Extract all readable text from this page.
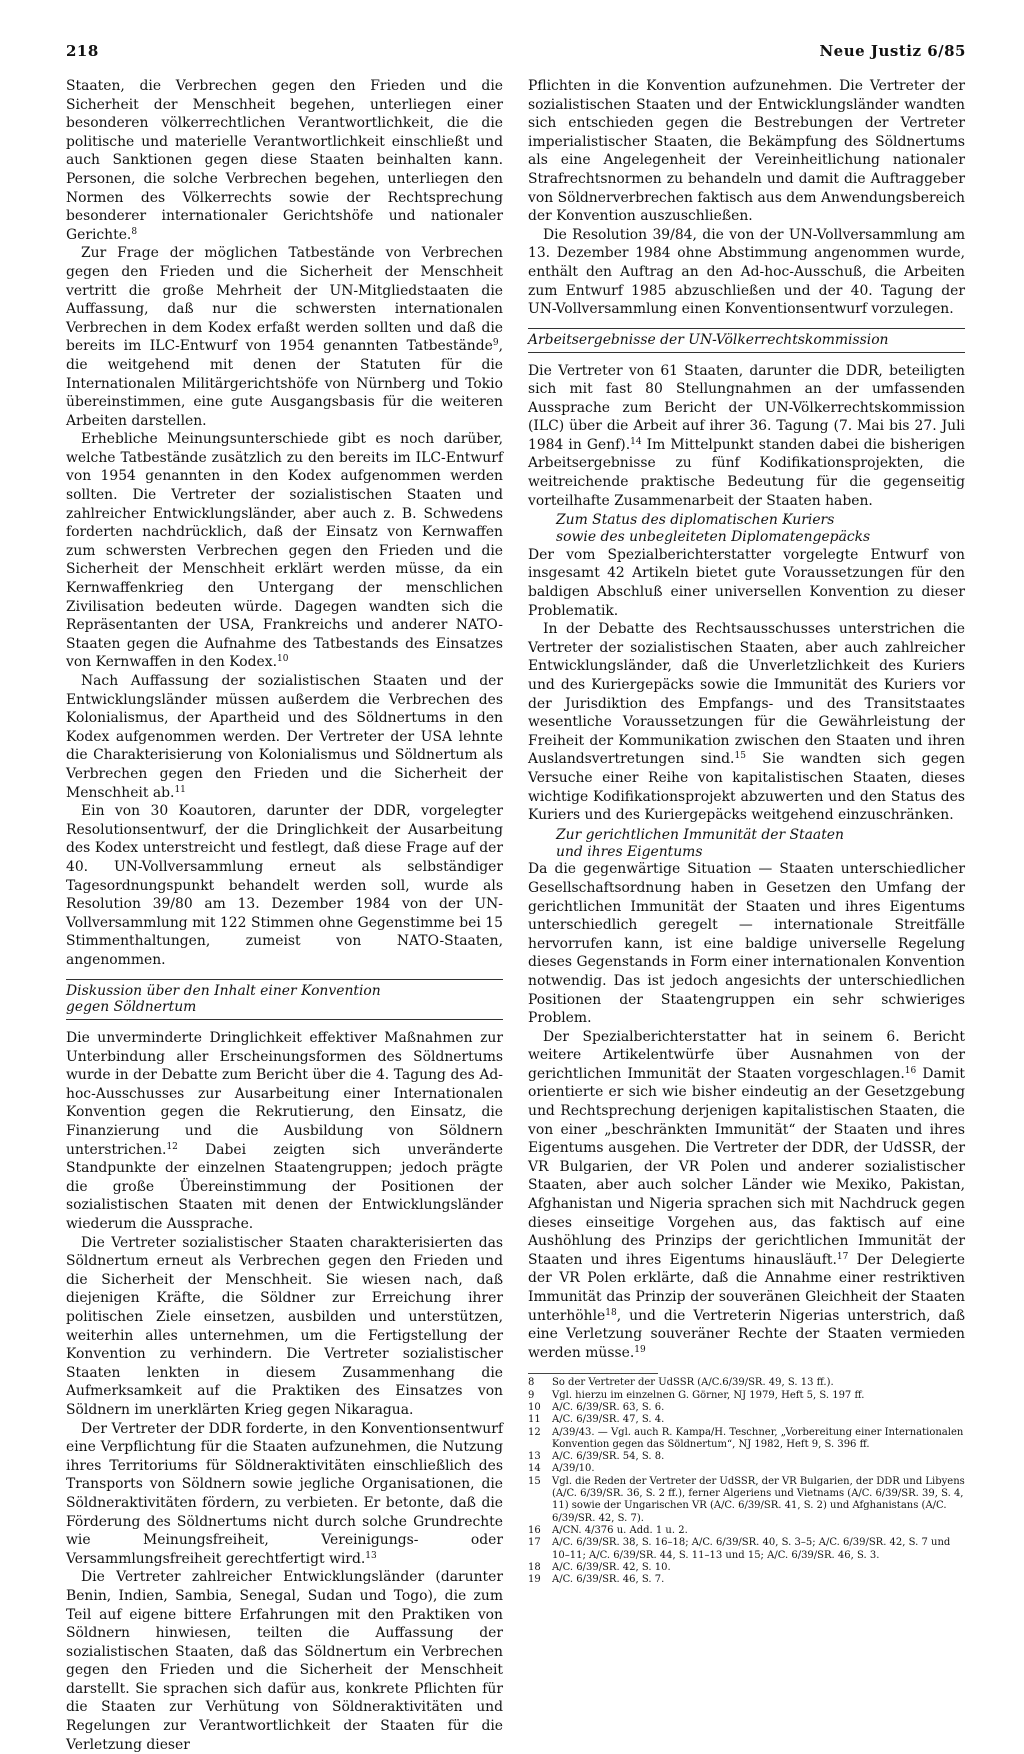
218	Neue Justiz 6/85

Staaten, die Verbrechen gegen den Frieden und die Sicherheit der Menschheit begehen, unterliegen einer besonderen völkerrechtlichen Verantwortlichkeit, die die politische und materielle Verantwortlichkeit einschließt und auch Sanktionen gegen diese Staaten beinhalten kann. Personen, die solche Verbrechen begehen, unterliegen den Normen des Völkerrechts sowie der Rechtsprechung besonderer internationaler Gerichtshöfe und nationaler Gerichte.$^8$

Zur Frage der möglichen Tatbestände von Verbrechen gegen den Frieden und die Sicherheit der Menschheit vertritt die große Mehrheit der UN-Mitgliedstaaten die Auffassung, daß nur die schwersten internationalen Verbrechen in dem Kodex erfaßt werden sollten und daß die bereits im ILC-Entwurf von 1954 genannten Tatbestände$^9$, die weitgehend mit denen der Statuten für die Internationalen Militärgerichtshöfe von Nürnberg und Tokio übereinstimmen, eine gute Ausgangsbasis für die weiteren Arbeiten darstellen.

Erhebliche Meinungsunterschiede gibt es noch darüber, welche Tatbestände zusätzlich zu den bereits im ILC-Entwurf von 1954 genannten in den Kodex aufgenommen werden sollten. Die Vertreter der sozialistischen Staaten und zahlreicher Entwicklungsländer, aber auch z. B. Schwedens forderten nachdrücklich, daß der Einsatz von Kernwaffen zum schwersten Verbrechen gegen den Frieden und die Sicherheit der Menschheit erklärt werden müsse, da ein Kernwaffenkrieg den Untergang der menschlichen Zivilisation bedeuten würde. Dagegen wandten sich die Repräsentanten der USA, Frankreichs und anderer NATO-Staaten gegen die Aufnahme des Tatbestands des Einsatzes von Kernwaffen in den Kodex.$^{10}$

Nach Auffassung der sozialistischen Staaten und der Entwicklungsländer müssen außerdem die Verbrechen des Kolonialismus, der Apartheid und des Söldnertums in den Kodex aufgenommen werden. Der Vertreter der USA lehnte die Charakterisierung von Kolonialismus und Söldnertum als Verbrechen gegen den Frieden und die Sicherheit der Menschheit ab.$^{11}$

Ein von 30 Koautoren, darunter der DDR, vorgelegter Resolutionsentwurf, der die Dringlichkeit der Ausarbeitung des Kodex unterstreicht und festlegt, daß diese Frage auf der 40. UN-Vollversammlung erneut als selbständiger Tagesordnungspunkt behandelt werden soll, wurde als Resolution 39/80 am 13. Dezember 1984 von der UN-Vollversammlung mit 122 Stimmen ohne Gegenstimme bei 15 Stimmenthaltungen, zumeist von NATO-Staaten, angenommen.

Diskussion über den Inhalt einer Konvention
gegen Söldnertum

Die unverminderte Dringlichkeit effektiver Maßnahmen zur Unterbindung aller Erscheinungsformen des Söldnertums wurde in der Debatte zum Bericht über die 4. Tagung des Ad-hoc-Ausschusses zur Ausarbeitung einer Internationalen Konvention gegen die Rekrutierung, den Einsatz, die Finanzierung und die Ausbildung von Söldnern unterstrichen.$^{12}$ Dabei zeigten sich unveränderte Standpunkte der einzelnen Staatengruppen; jedoch prägte die große Übereinstimmung der Positionen der sozialistischen Staaten mit denen der Entwicklungsländer wiederum die Aussprache.

Die Vertreter sozialistischer Staaten charakterisierten das Söldnertum erneut als Verbrechen gegen den Frieden und die Sicherheit der Menschheit. Sie wiesen nach, daß diejenigen Kräfte, die Söldner zur Erreichung ihrer politischen Ziele einsetzen, ausbilden und unterstützen, weiterhin alles unternehmen, um die Fertigstellung der Konvention zu verhindern. Die Vertreter sozialistischer Staaten lenkten in diesem Zusammenhang die Aufmerksamkeit auf die Praktiken des Einsatzes von Söldnern im unerklärten Krieg gegen Nikaragua.

Der Vertreter der DDR forderte, in den Konventionsentwurf eine Verpflichtung für die Staaten aufzunehmen, die Nutzung ihres Territoriums für Söldneraktivitäten einschließlich des Transports von Söldnern sowie jegliche Organisationen, die Söldneraktivitäten fördern, zu verbieten. Er betonte, daß die Förderung des Söldnertums nicht durch solche Grundrechte wie Meinungsfreiheit, Vereinigungs- oder Versammlungsfreiheit gerechtfertigt wird.$^{13}$

Die Vertreter zahlreicher Entwicklungsländer (darunter Benin, Indien, Sambia, Senegal, Sudan und Togo), die zum Teil auf eigene bittere Erfahrungen mit den Praktiken von Söldnern hinwiesen, teilten die Auffassung der sozialistischen Staaten, daß das Söldnertum ein Verbrechen gegen den Frieden und die Sicherheit der Menschheit darstellt. Sie sprachen sich dafür aus, konkrete Pflichten für die Staaten zur Verhütung von Söldneraktivitäten und Regelungen zur Verantwortlichkeit der Staaten für die Verletzung dieser

Pflichten in die Konvention aufzunehmen. Die Vertreter der sozialistischen Staaten und der Entwicklungsländer wandten sich entschieden gegen die Bestrebungen der Vertreter imperialistischer Staaten, die Bekämpfung des Söldnertums als eine Angelegenheit der Vereinheitlichung nationaler Strafrechtsnormen zu behandeln und damit die Auftraggeber von Söldnerverbrechen faktisch aus dem Anwendungsbereich der Konvention auszuschließen.

Die Resolution 39/84, die von der UN-Vollversammlung am 13. Dezember 1984 ohne Abstimmung angenommen wurde, enthält den Auftrag an den Ad-hoc-Ausschuß, die Arbeiten zum Entwurf 1985 abzuschließen und der 40. Tagung der UN-Vollversammlung einen Konventionsentwurf vorzulegen.

Arbeitsergebnisse der UN-Völkerrechtskommission

Die Vertreter von 61 Staaten, darunter die DDR, beteiligten sich mit fast 80 Stellungnahmen an der umfassenden Aussprache zum Bericht der UN-Völkerrechtskommission (ILC) über die Arbeit auf ihrer 36. Tagung (7. Mai bis 27. Juli 1984 in Genf).$^{14}$ Im Mittelpunkt standen dabei die bisherigen Arbeitsergebnisse zu fünf Kodifikationsprojekten, die weitreichende praktische Bedeutung für die gegenseitig vorteilhafte Zusammenarbeit der Staaten haben.

Zum Status des diplomatischen Kuriers
sowie des unbegleiteten Diplomatengepäcks

Der vom Spezialberichterstatter vorgelegte Entwurf von insgesamt 42 Artikeln bietet gute Voraussetzungen für den baldigen Abschluß einer universellen Konvention zu dieser Problematik.

In der Debatte des Rechtsausschusses unterstrichen die Vertreter der sozialistischen Staaten, aber auch zahlreicher Entwicklungsländer, daß die Unverletzlichkeit des Kuriers und des Kuriergepäcks sowie die Immunität des Kuriers vor der Jurisdiktion des Empfangs- und des Transitstaates wesentliche Voraussetzungen für die Gewährleistung der Freiheit der Kommunikation zwischen den Staaten und ihren Auslandsvertretungen sind.$^{15}$ Sie wandten sich gegen Versuche einer Reihe von kapitalistischen Staaten, dieses wichtige Kodifikationsprojekt abzuwerten und den Status des Kuriers und des Kuriergepäcks weitgehend einzuschränken.

Zur gerichtlichen Immunität der Staaten
und ihres Eigentums

Da die gegenwärtige Situation — Staaten unterschiedlicher Gesellschaftsordnung haben in Gesetzen den Umfang der gerichtlichen Immunität der Staaten und ihres Eigentums unterschiedlich geregelt — internationale Streitfälle hervorrufen kann, ist eine baldige universelle Regelung dieses Gegenstands in Form einer internationalen Konvention notwendig. Das ist jedoch angesichts der unterschiedlichen Positionen der Staatengruppen ein sehr schwieriges Problem.

Der Spezialberichterstatter hat in seinem 6. Bericht weitere Artikelentwürfe über Ausnahmen von der gerichtlichen Immunität der Staaten vorgeschlagen.$^{16}$ Damit orientierte er sich wie bisher eindeutig an der Gesetzgebung und Rechtsprechung derjenigen kapitalistischen Staaten, die von einer „beschränkten Immunität“ der Staaten und ihres Eigentums ausgehen. Die Vertreter der DDR, der UdSSR, der VR Bulgarien, der VR Polen und anderer sozialistischer Staaten, aber auch solcher Länder wie Mexiko, Pakistan, Afghanistan und Nigeria sprachen sich mit Nachdruck gegen dieses einseitige Vorgehen aus, das faktisch auf eine Aushöhlung des Prinzips der gerichtlichen Immunität der Staaten und ihres Eigentums hinausläuft.$^{17}$ Der Delegierte der VR Polen erklärte, daß die Annahme einer restriktiven Immunität das Prinzip der souveränen Gleichheit der Staaten unterhöhle$^{18}$, und die Vertreterin Nigerias unterstrich, daß eine Verletzung souveräner Rechte der Staaten vermieden werden müsse.$^{19}$

8	So der Vertreter der UdSSR (A/C.6/39/SR. 49, S. 13 ff.).
9	Vgl. hierzu im einzelnen G. Görner, NJ 1979, Heft 5, S. 197 ff.
10	A/C. 6/39/SR. 63, S. 6.
11	A/C. 6/39/SR. 47, S. 4.
12	A/39/43. — Vgl. auch R. Kampa/H. Teschner, „Vorbereitung einer Internationalen Konvention gegen das Söldnertum“, NJ 1982, Heft 9, S. 396 ff.
13	A/C. 6/39/SR. 54, S. 8.
14	A/39/10.
15	Vgl. die Reden der Vertreter der UdSSR, der VR Bulgarien, der DDR und Libyens (A/C. 6/39/SR. 36, S. 2 ff.), ferner Algeriens und Vietnams (A/C. 6/39/SR. 39, S. 4, 11) sowie der Ungarischen VR (A/C. 6/39/SR. 41, S. 2) und Afghanistans (A/C. 6/39/SR. 42, S. 7).
16	A/CN. 4/376 u. Add. 1 u. 2.
17	A/C. 6/39/SR. 38, S. 16–18; A/C. 6/39/SR. 40, S. 3–5; A/C. 6/39/SR. 42, S. 7 und 10–11; A/C. 6/39/SR. 44, S. 11–13 und 15; A/C. 6/39/SR. 46, S. 3.
18	A/C. 6/39/SR. 42, S. 10.
19	A/C. 6/39/SR. 46, S. 7.
